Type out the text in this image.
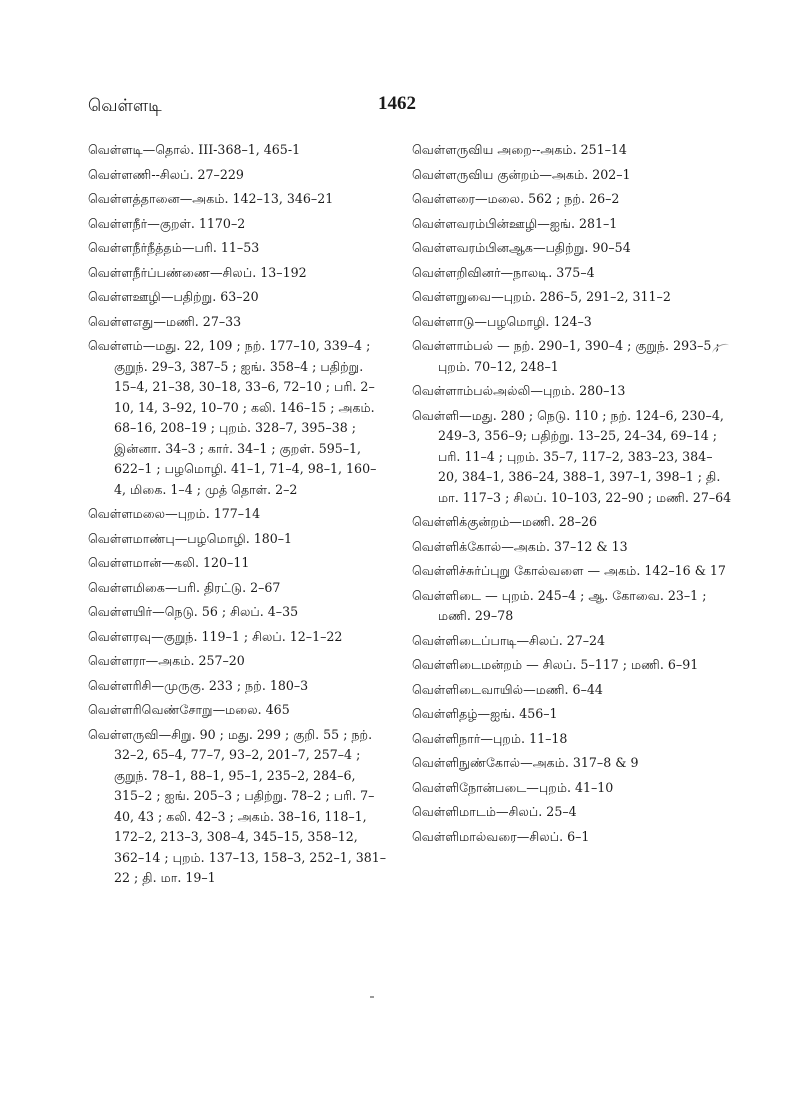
வெள்ளடி	1462
வெள்ளடி—தொல். III-368–1, 465-1
வெள்ளணி--சிலப். 27–229
வெள்ளத்தானை—அகம். 142–13, 346–21
வெள்ளநீர்—குறள். 1170–2
வெள்ளநீர்நீத்தம்—பரி. 11–53
வெள்ளநீர்ப்பண்ணை—சிலப். 13–192
வெள்ளஊழி—பதிற்று. 63–20
வெள்ளஎது—மணி. 27–33
வெள்ளம்—மது. 22, 109 ; நற். 177–10, 339–4 ; குறுந். 29–3, 387–5 ; ஐங். 358–4 ; பதிற்று. 15–4, 21–38, 30–18, 33–6, 72–10 ; பரி. 2–10, 14, 3–92, 10–70 ; கலி. 146–15 ; அகம். 68–16, 208–19 ; புறம். 328–7, 395–38 ; இன்னா. 34–3 ; கார். 34–1 ; குறள். 595–1, 622–1 ; பழமொழி. 41–1, 71–4, 98–1, 160–4, மிகை. 1–4 ; முத் தொள். 2–2
வெள்ளமலை—புறம். 177–14
வெள்ளமாண்பு—பழமொழி. 180–1
வெள்ளமான்—கலி. 120–11
வெள்ளமிகை—பரி. திரட்டு. 2–67
வெள்ளயிர்—நெடு. 56 ; சிலப். 4–35
வெள்ளரவு—குறுந். 119–1 ; சிலப். 12–1–22
வெள்ளரா—அகம். 257–20
வெள்ளரிசி—முருகு. 233 ; நற். 180–3
வெள்ளரிவெண்சோறு—மலை. 465
வெள்ளருவி—சிறு. 90 ; மது. 299 ; குறி. 55 ; நற். 32–2, 65–4, 77–7, 93–2, 201–7, 257–4 ; குறுந். 78–1, 88–1, 95–1, 235–2, 284–6, 315–2 ; ஐங். 205–3 ; பதிற்று. 78–2 ; பரி. 7–40, 43 ; கலி. 42–3 ; அகம். 38–16, 118–1, 172–2, 213–3, 308–4, 345–15, 358–12, 362–14 ; புறம். 137–13, 158–3, 252–1, 381–22 ; தி. மா. 19–1
வெள்ளருவிய அறை--அகம். 251–14
வெள்ளருவிய குன்றம்—அகம். 202–1
வெள்ளரை—மலை. 562 ; நற். 26–2
வெள்ளவரம்பின்ஊழி—ஐங். 281–1
வெள்ளவரம்பினஆக—பதிற்று. 90–54
வெள்ளறிவினர்—நாலடி. 375–4
வெள்ளறுவை—புறம். 286–5, 291–2, 311–2
வெள்ளாடு—பழமொழி. 124–3
வெள்ளாம்பல் — நற். 290–1, 390–4 ; குறுந். 293–5 ; புறம். 70–12, 248–1
வெள்ளாம்பல்அல்லி—புறம். 280–13
வெள்ளி—மது. 280 ; நெடு. 110 ; நற். 124–6, 230–4, 249–3, 356–9; பதிற்று. 13–25, 24–34, 69–14 ; பரி. 11–4 ; புறம். 35–7, 117–2, 383–23, 384–20, 384–1, 386–24, 388–1, 397–1, 398–1 ; தி. மா. 117–3 ; சிலப். 10–103, 22–90 ; மணி. 27–64
வெள்ளிக்குன்றம்—மணி. 28–26
வெள்ளிக்கோல்—அகம். 37–12 & 13
வெள்ளிச்சுர்ப்புறு கோல்வளை — அகம். 142–16 & 17
வெள்ளிடை — புறம். 245–4 ; ஆ. கோவை. 23–1 ; மணி. 29–78
வெள்ளிடைப்பாடி—சிலப். 27–24
வெள்ளிடைமன்றம் — சிலப். 5–117 ; மணி. 6–91
வெள்ளிடைவாயில்—மணி. 6–44
வெள்ளிதழ்—ஐங். 456–1
வெள்ளிநார்—புறம். 11–18
வெள்ளிநுண்கோல்—அகம். 317–8 & 9
வெள்ளிநோன்படை—புறம். 41–10
வெள்ளிமாடம்—சிலப். 25–4
வெள்ளிமால்வரை—சிலப். 6–1
